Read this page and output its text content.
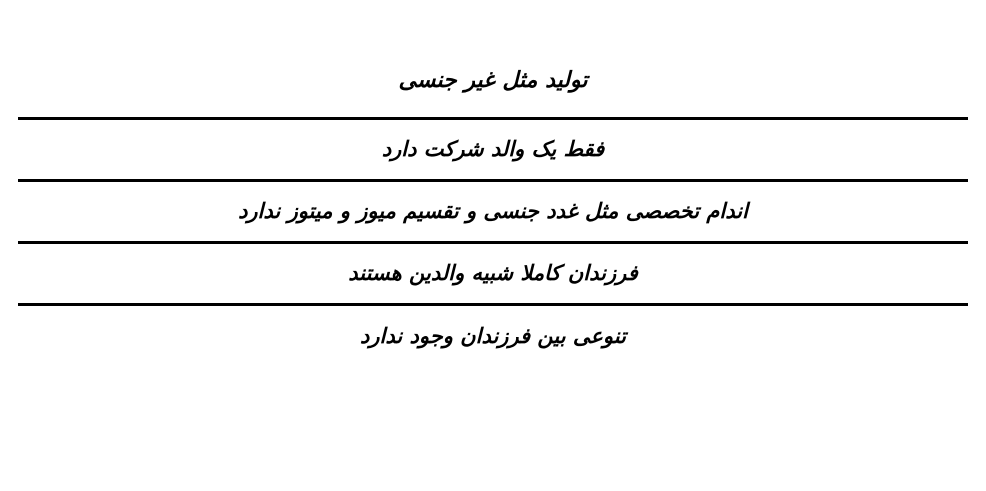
تولید مثل غیر جنسی
فقط یک والد شرکت دارد
اندام تخصصی مثل غدد جنسی و تقسیم میوز و میتوز ندارد
فرزندان کاملا شبیه والدین هستند
تنوعی بین فرزندان وجود ندارد
